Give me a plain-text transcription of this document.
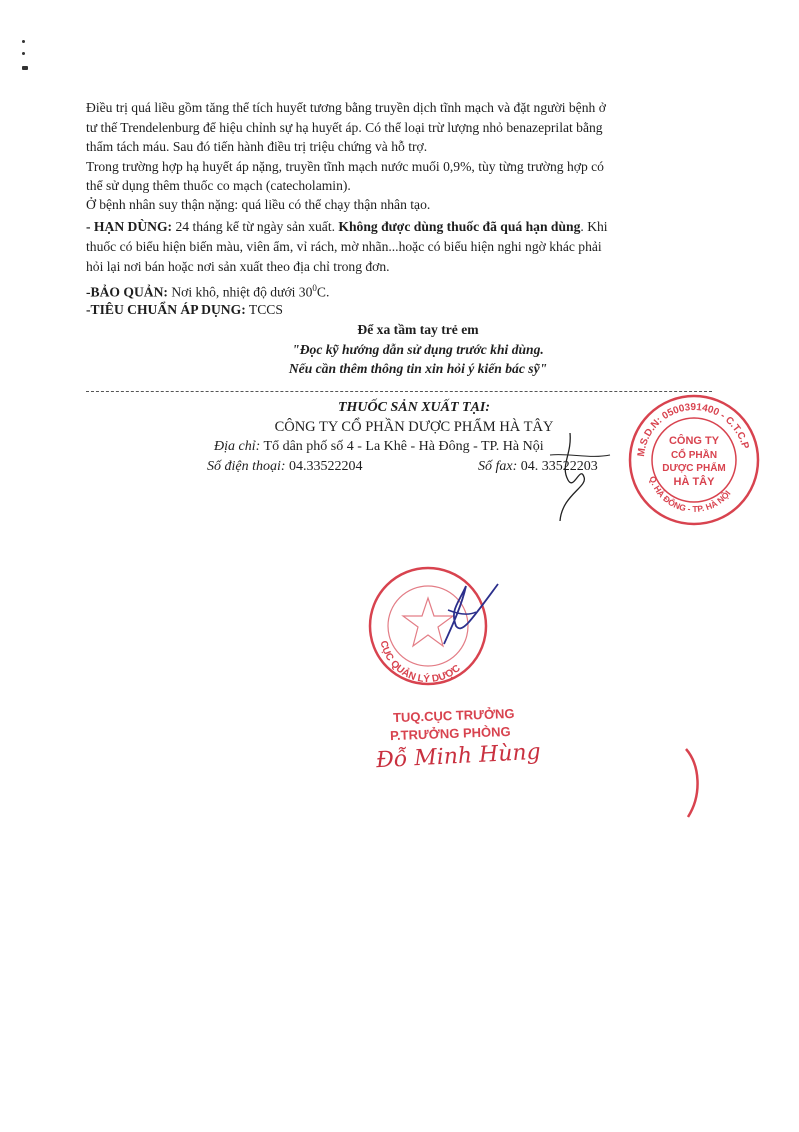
Điều trị quá liều gồm tăng thể tích huyết tương bằng truyền dịch tĩnh mạch và đặt người bệnh ở

tư thế Trendelenburg để hiệu chỉnh sự hạ huyết áp. Có thể loại trừ lượng nhỏ benazeprilat bằng

thẩm tách máu. Sau đó tiến hành điều trị triệu chứng và hỗ trợ.

Trong trường hợp hạ huyết áp nặng, truyền tĩnh mạch nước muối 0,9%, tùy từng trường hợp có

thể sử dụng thêm thuốc co mạch (catecholamin).

Ở bệnh nhân suy thận nặng: quá liều có thể chạy thận nhân tạo.

- HẠN DÙNG: 24 tháng kể từ ngày sản xuất. Không được dùng thuốc đã quá hạn dùng. Khi

thuốc có biểu hiện biến màu, viên ẩm, vỉ rách, mờ nhãn...hoặc có biểu hiện nghi ngờ khác phải

hỏi lại nơi bán hoặc nơi sản xuất theo địa chỉ trong đơn.

-BẢO QUẢN: Nơi khô, nhiệt độ dưới $30^0C$.

-TIÊU CHUẨN ÁP DỤNG: TCCS

Để xa tầm tay trẻ em
"Đọc kỹ hướng dẫn sử dụng trước khi dùng.
Nếu cần thêm thông tin xin hỏi ý kiến bác sỹ"
THUỐC SẢN XUẤT TẠI:
CÔNG TY CỔ PHẦN DƯỢC PHẨM HÀ TÂY

Địa chỉ: Tổ dân phố số 4 - La Khê - Hà Đông - TP. Hà Nội

Số điện thoại: 04.33522204	Số fax: 04. 33522203

M.S.D.N: 0500391400 - C.T.C.P
Q. HÀ ĐÔNG - TP. HÀ NỘI
CÔNG TY
CỔ PHẦN
DƯỢC PHẨM
HÀ TÂY
CỤC QUẢN LÝ DƯỢC
TUQ.CỤC TRƯỞNG
P.TRƯỞNG PHÒNG
Đỗ Minh Hùng
